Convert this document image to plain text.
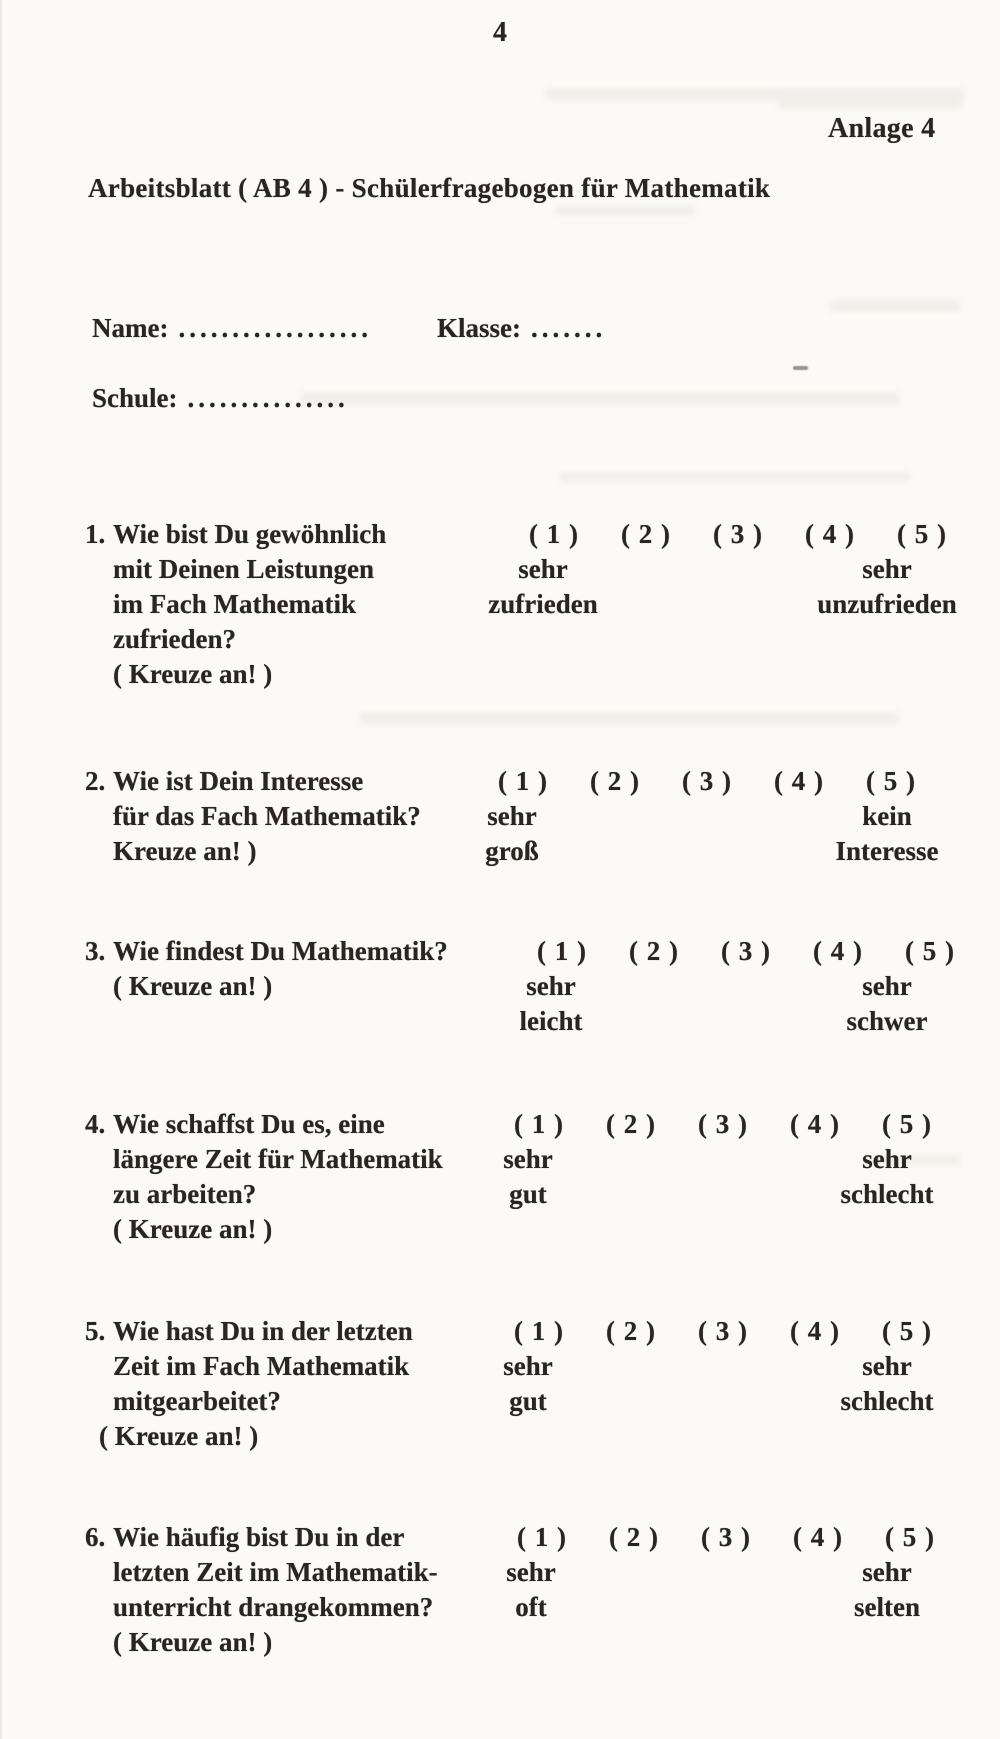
4
Anlage 4
Arbeitsblatt ( AB 4 ) - Schülerfragebogen für Mathematik
Name: .................. Klasse: .......
Schule: ...............
1. Wie bist Du gewöhnlich
mit Deinen Leistungen
im Fach Mathematik
zufrieden?
( Kreuze an! )
( 1 ) ( 2 ) ( 3 ) ( 4 ) ( 5 )
sehr
zufrieden
sehr
unzufrieden
2. Wie ist Dein Interesse
für das Fach Mathematik?
Kreuze an! )
( 1 ) ( 2 ) ( 3 ) ( 4 ) ( 5 )
sehr
groß
kein
Interesse
3. Wie findest Du Mathematik?
( Kreuze an! )
( 1 ) ( 2 ) ( 3 ) ( 4 ) ( 5 )
sehr
leicht
sehr
schwer
4. Wie schaffst Du es, eine
längere Zeit für Mathematik
zu arbeiten?
( Kreuze an! )
( 1 ) ( 2 ) ( 3 ) ( 4 ) ( 5 )
sehr
gut
sehr
schlecht
5. Wie hast Du in der letzten
Zeit im Fach Mathematik
mitgearbeitet?
( Kreuze an! )
( 1 ) ( 2 ) ( 3 ) ( 4 ) ( 5 )
sehr
gut
sehr
schlecht
6. Wie häufig bist Du in der
letzten Zeit im Mathematik-
unterricht drangekommen?
( Kreuze an! )
( 1 ) ( 2 ) ( 3 ) ( 4 ) ( 5 )
sehr
oft
sehr
selten
